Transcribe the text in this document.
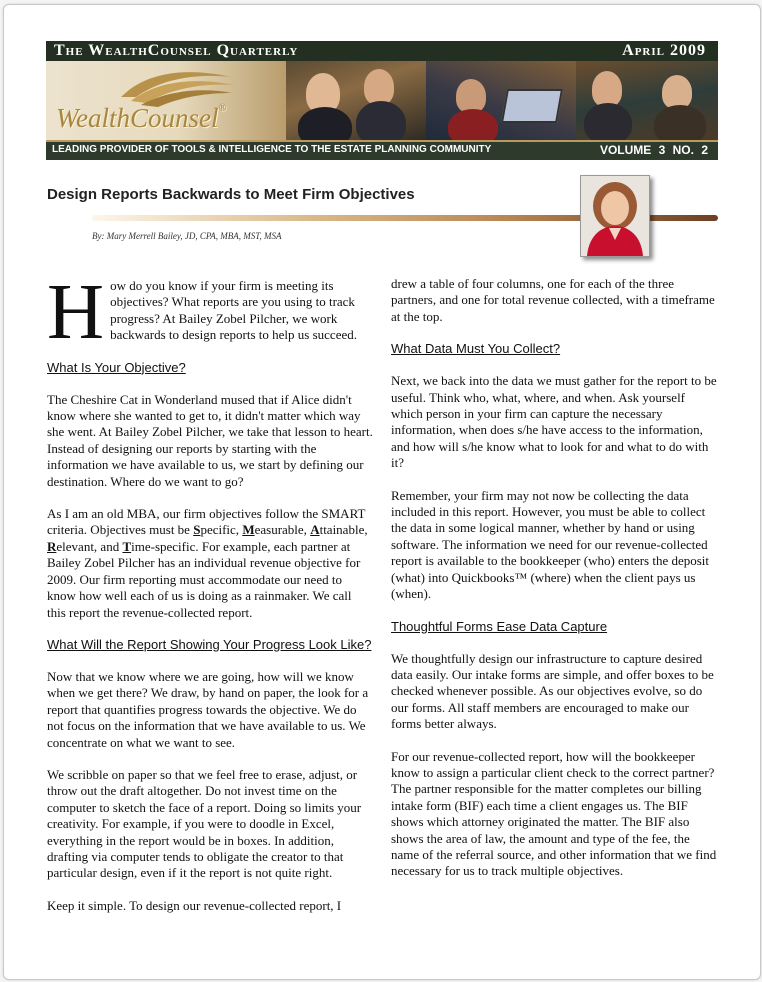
The WealthCounsel Quarterly	April 2009
WealthCounsel®
LEADING PROVIDER OF TOOLS & INTELLIGENCE TO THE ESTATE PLANNING COMMUNITY	VOLUME 3 NO. 2
Design Reports Backwards to Meet Firm Objectives
By: Mary Merrell Bailey, JD, CPA, MBA, MST, MSA

How do you know if your firm is meeting its objectives? What reports are you using to track progress? At Bailey Zobel Pilcher, we work backwards to design reports to help us succeed.

What Is Your Objective?

The Cheshire Cat in Wonderland mused that if Alice didn't know where she wanted to get to, it didn't matter which way she went. At Bailey Zobel Pilcher, we take that lesson to heart. Instead of designing our reports by starting with the information we have available to us, we start by defining our destination. Where do we want to go?

As I am an old MBA, our firm objectives follow the SMART criteria. Objectives must be Specific, Measurable, Attainable, Relevant, and Time-specific. For example, each partner at Bailey Zobel Pilcher has an individual revenue objective for 2009. Our firm reporting must accommodate our need to know how well each of us is doing as a rainmaker. We call this report the revenue-collected report.

What Will the Report Showing Your Progress Look Like?

Now that we know where we are going, how will we know when we get there? We draw, by hand on paper, the look for a report that quantifies progress towards the objective. We do not focus on the information that we have available to us. We concentrate on what we want to see.

We scribble on paper so that we feel free to erase, adjust, or throw out the draft altogether. Do not invest time on the computer to sketch the face of a report. Doing so limits your creativity. For example, if you were to doodle in Excel, everything in the report would be in boxes. In addition, drafting via computer tends to obligate the creator to that particular design, even if it the report is not quite right.

Keep it simple. To design our revenue-collected report, I

drew a table of four columns, one for each of the three partners, and one for total revenue collected, with a timeframe at the top.

What Data Must You Collect?

Next, we back into the data we must gather for the report to be useful. Think who, what, where, and when. Ask yourself which person in your firm can capture the necessary information, when does s/he have access to the information, and how will s/he know what to look for and what to do with it?

Remember, your firm may not now be collecting the data included in this report. However, you must be able to collect the data in some logical manner, whether by hand or using software. The information we need for our revenue-collected report is available to the bookkeeper (who) enters the deposit (what) into Quickbooks™ (where) when the client pays us (when).

Thoughtful Forms Ease Data Capture

We thoughtfully design our infrastructure to capture desired data easily. Our intake forms are simple, and offer boxes to be checked whenever possible. As our objectives evolve, so do our forms. All staff members are encouraged to make our forms better always.

For our revenue-collected report, how will the bookkeeper know to assign a particular client check to the correct partner? The partner responsible for the matter completes our billing intake form (BIF) each time a client engages us. The BIF shows which attorney originated the matter. The BIF also shows the area of law, the amount and type of the fee, the name of the referral source, and other information that we find necessary for us to track multiple objectives.
